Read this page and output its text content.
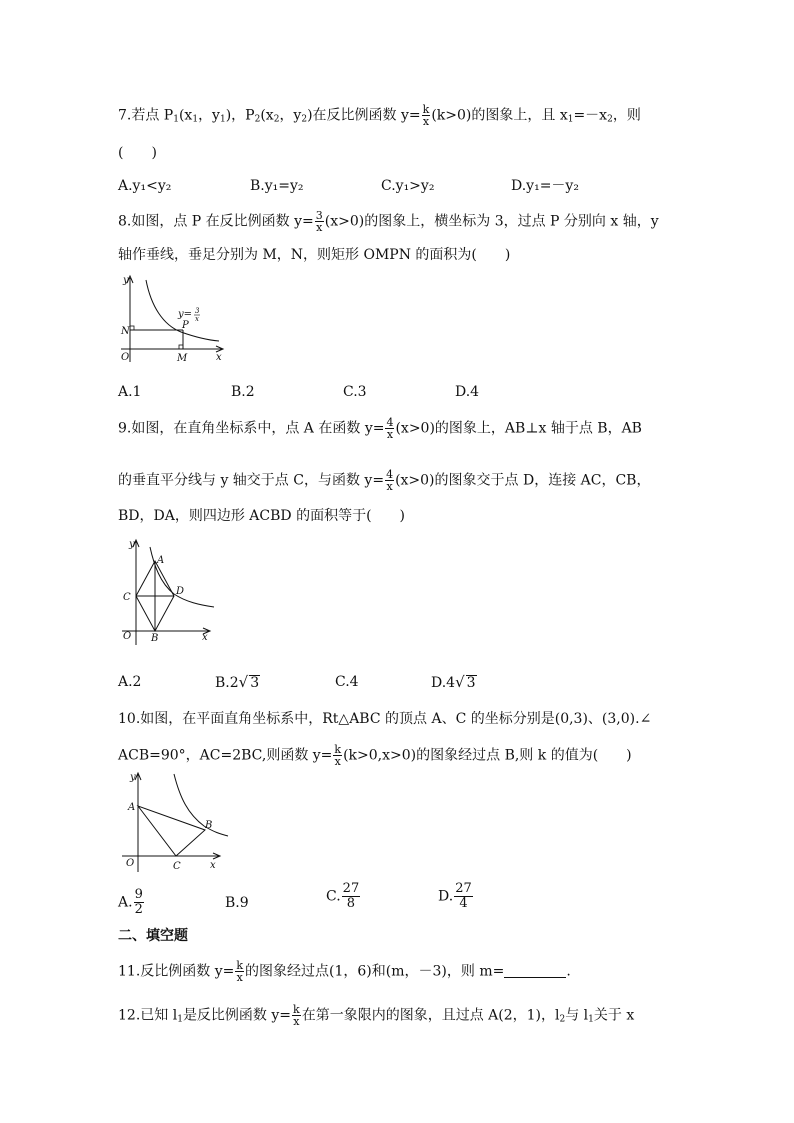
7.若点 $P_1(x_1$，$y_1$)，$P_2(x_2$，$y_2$)在反比例函数 $y= \frac{k}{x} (k>0)$的图象上，且 $x_1=-x_2$，则
(　　)
A.y₁<y₂	B.y₁=y₂	C.y₁>y₂	D.y₁=－y₂
8.如图，点 P 在反比例函数 $y= \frac{3}{x} (x>0)$的图象上，横坐标为 3，过点 P 分别向 x 轴，y
轴作垂线，垂足分别为 M，N，则矩形 OMPN 的面积为(　　)
y
x
O
N
M
P
y= 3
x
A.1	B.2	C.3	D.4
9.如图，在直角坐标系中，点 A 在函数 $y= \frac{4}{x} (x>0)$的图象上，AB⊥x 轴于点 B，AB
的垂直平分线与 y 轴交于点 C，与函数 $y= \frac{4}{x} (x>0)$的图象交于点 D，连接 AC，CB，
BD，DA，则四边形 ACBD 的面积等于(　　)
y
x
O
A
B
C
D
A.2	B.2√ 3	C.4	D.4√ 3
10.如图，在平面直角坐标系中，Rt△ABC 的顶点 A、C 的坐标分别是(0,3)、(3,0).∠
ACB=90°，AC=2BC,则函数 $y= \frac{k}{x} (k>0,x>0)$的图象经过点 B,则 k 的值为(　　)
y
x
O
A
B
C
A. $\frac{9}{2}$	B.9	C. $\frac{27}{8}$	D. $\frac{27}{4}$
二、填空题
11.反比例函数 $y= \frac{k}{x}$ 的图象经过点(1，6)和(m，－3)，则 m=	.
12.已知 $l_1$是反比例函数 $y= \frac{k}{x}$ 在第一象限内的图象，且过点 A(2，1)，$l_2$与 $l_1$关于 x
